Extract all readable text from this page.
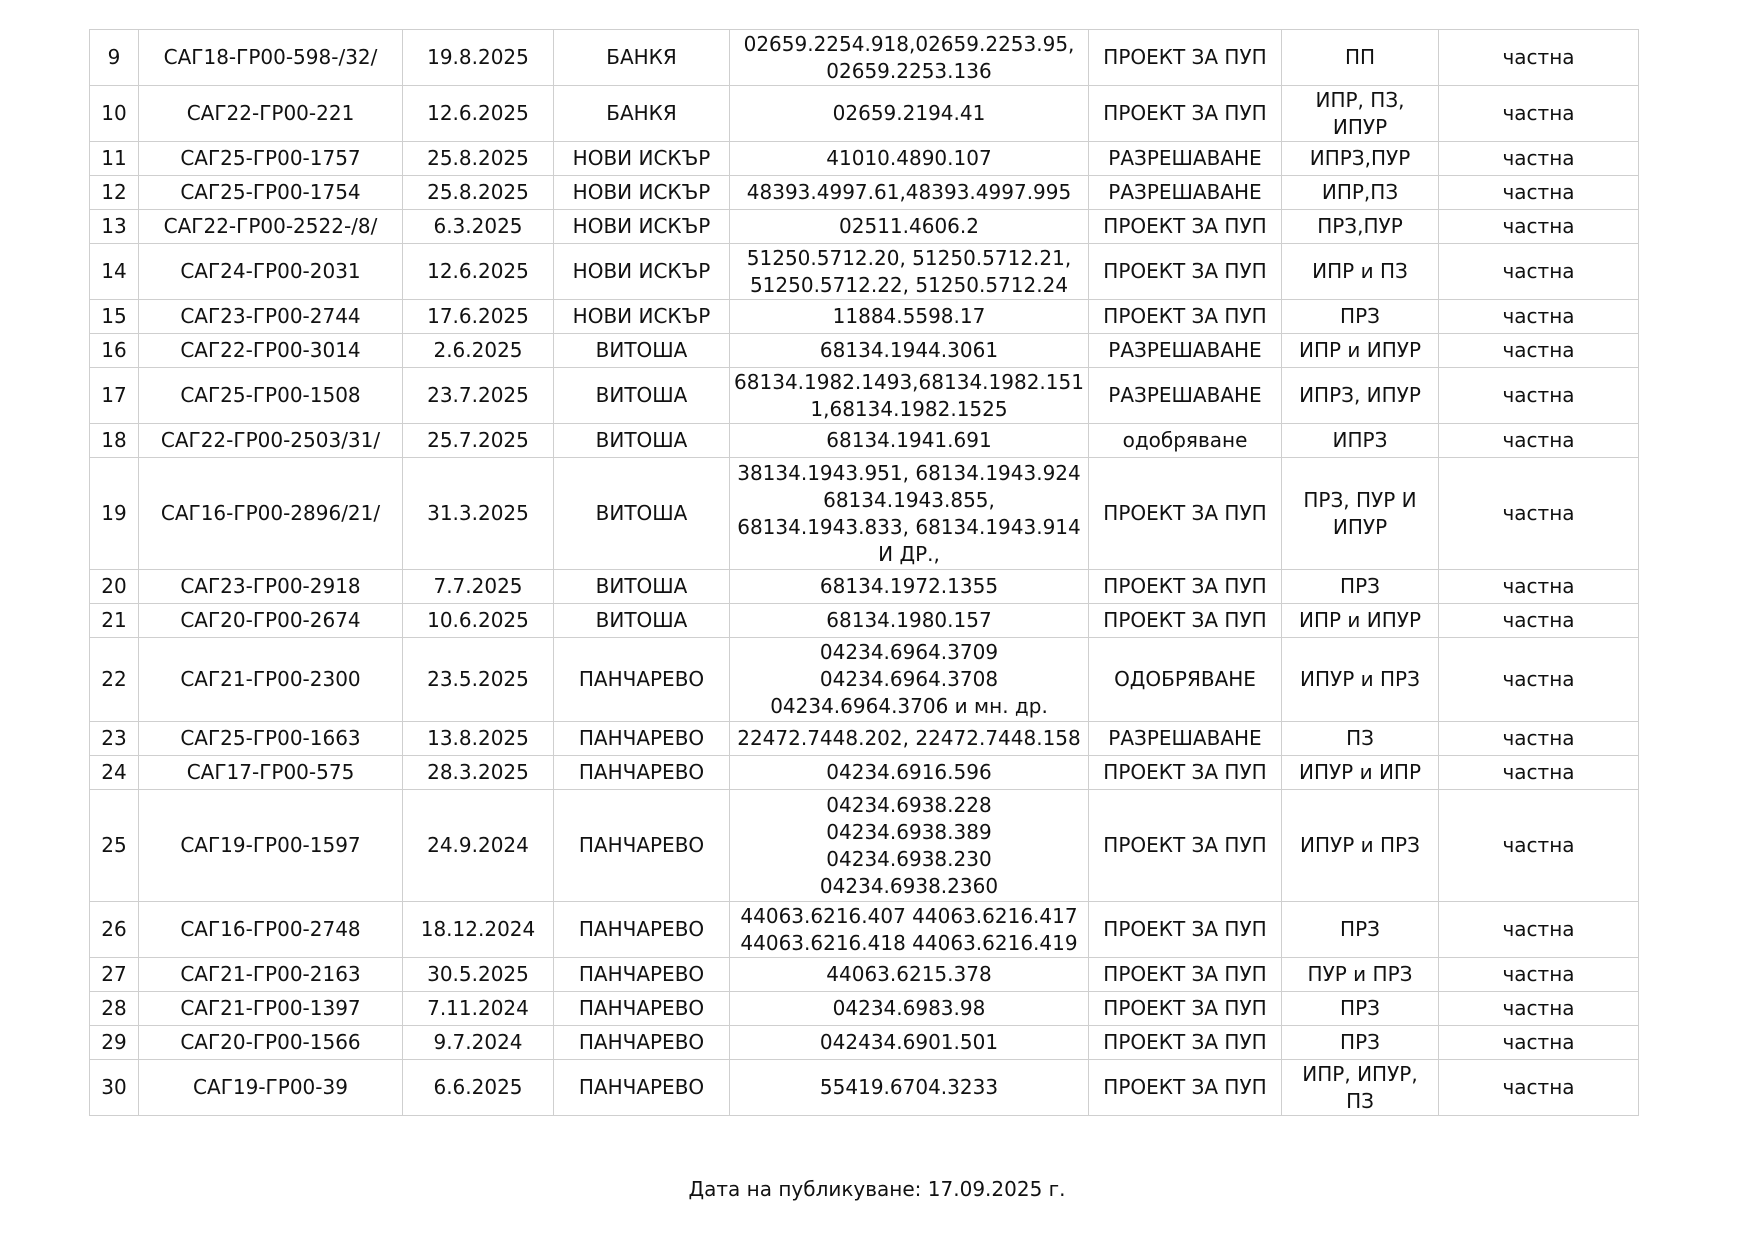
9	САГ18-ГР00-598-/32/	19.8.2025	БАНКЯ	02659.2254.918,02659.2253.95,
02659.2253.136	ПРОЕКТ ЗА ПУП	ПП	частна
10	САГ22-ГР00-221	12.6.2025	БАНКЯ	02659.2194.41	ПРОЕКТ ЗА ПУП	ИПР, ПЗ,
ИПУР	частна
11	САГ25-ГР00-1757	25.8.2025	НОВИ ИСКЪР	41010.4890.107	РАЗРЕШАВАНЕ	ИПРЗ,ПУР	частна
12	САГ25-ГР00-1754	25.8.2025	НОВИ ИСКЪР	48393.4997.61,48393.4997.995	РАЗРЕШАВАНЕ	ИПР,ПЗ	частна
13	САГ22-ГР00-2522-/8/	6.3.2025	НОВИ ИСКЪР	02511.4606.2	ПРОЕКТ ЗА ПУП	ПРЗ,ПУР	частна
14	САГ24-ГР00-2031	12.6.2025	НОВИ ИСКЪР	51250.5712.20, 51250.5712.21,
51250.5712.22, 51250.5712.24	ПРОЕКТ ЗА ПУП	ИПР и ПЗ	частна
15	САГ23-ГР00-2744	17.6.2025	НОВИ ИСКЪР	11884.5598.17	ПРОЕКТ ЗА ПУП	ПРЗ	частна
16	САГ22-ГР00-3014	2.6.2025	ВИТОША	68134.1944.3061	РАЗРЕШАВАНЕ	ИПР и ИПУР	частна
17	САГ25-ГР00-1508	23.7.2025	ВИТОША	68134.1982.1493,68134.1982.151
1,68134.1982.1525	РАЗРЕШАВАНЕ	ИПРЗ, ИПУР	частна
18	САГ22-ГР00-2503/31/	25.7.2025	ВИТОША	68134.1941.691	одобряване	ИПРЗ	частна
19	САГ16-ГР00-2896/21/	31.3.2025	ВИТОША	38134.1943.951, 68134.1943.924
68134.1943.855,
68134.1943.833, 68134.1943.914
И ДР.,	ПРОЕКТ ЗА ПУП	ПРЗ, ПУР И
ИПУР	частна
20	САГ23-ГР00-2918	7.7.2025	ВИТОША	68134.1972.1355	ПРОЕКТ ЗА ПУП	ПРЗ	частна
21	САГ20-ГР00-2674	10.6.2025	ВИТОША	68134.1980.157	ПРОЕКТ ЗА ПУП	ИПР и ИПУР	частна
22	САГ21-ГР00-2300	23.5.2025	ПАНЧАРЕВО	04234.6964.3709
04234.6964.3708
04234.6964.3706 и мн. др.	ОДОБРЯВАНЕ	ИПУР и ПРЗ	частна
23	САГ25-ГР00-1663	13.8.2025	ПАНЧАРЕВО	22472.7448.202, 22472.7448.158	РАЗРЕШАВАНЕ	ПЗ	частна
24	САГ17-ГР00-575	28.3.2025	ПАНЧАРЕВО	04234.6916.596	ПРОЕКТ ЗА ПУП	ИПУР и ИПР	частна
25	САГ19-ГР00-1597	24.9.2024	ПАНЧАРЕВО	04234.6938.228
04234.6938.389
04234.6938.230
04234.6938.2360	ПРОЕКТ ЗА ПУП	ИПУР и ПРЗ	частна
26	САГ16-ГР00-2748	18.12.2024	ПАНЧАРЕВО	44063.6216.407 44063.6216.417
44063.6216.418 44063.6216.419	ПРОЕКТ ЗА ПУП	ПРЗ	частна
27	САГ21-ГР00-2163	30.5.2025	ПАНЧАРЕВО	44063.6215.378	ПРОЕКТ ЗА ПУП	ПУР и ПРЗ	частна
28	САГ21-ГР00-1397	7.11.2024	ПАНЧАРЕВО	04234.6983.98	ПРОЕКТ ЗА ПУП	ПРЗ	частна
29	САГ20-ГР00-1566	9.7.2024	ПАНЧАРЕВО	042434.6901.501	ПРОЕКТ ЗА ПУП	ПРЗ	частна
30	САГ19-ГР00-39	6.6.2025	ПАНЧАРЕВО	55419.6704.3233	ПРОЕКТ ЗА ПУП	ИПР, ИПУР,
ПЗ	частна
Дата на публикуване: 17.09.2025 г.
